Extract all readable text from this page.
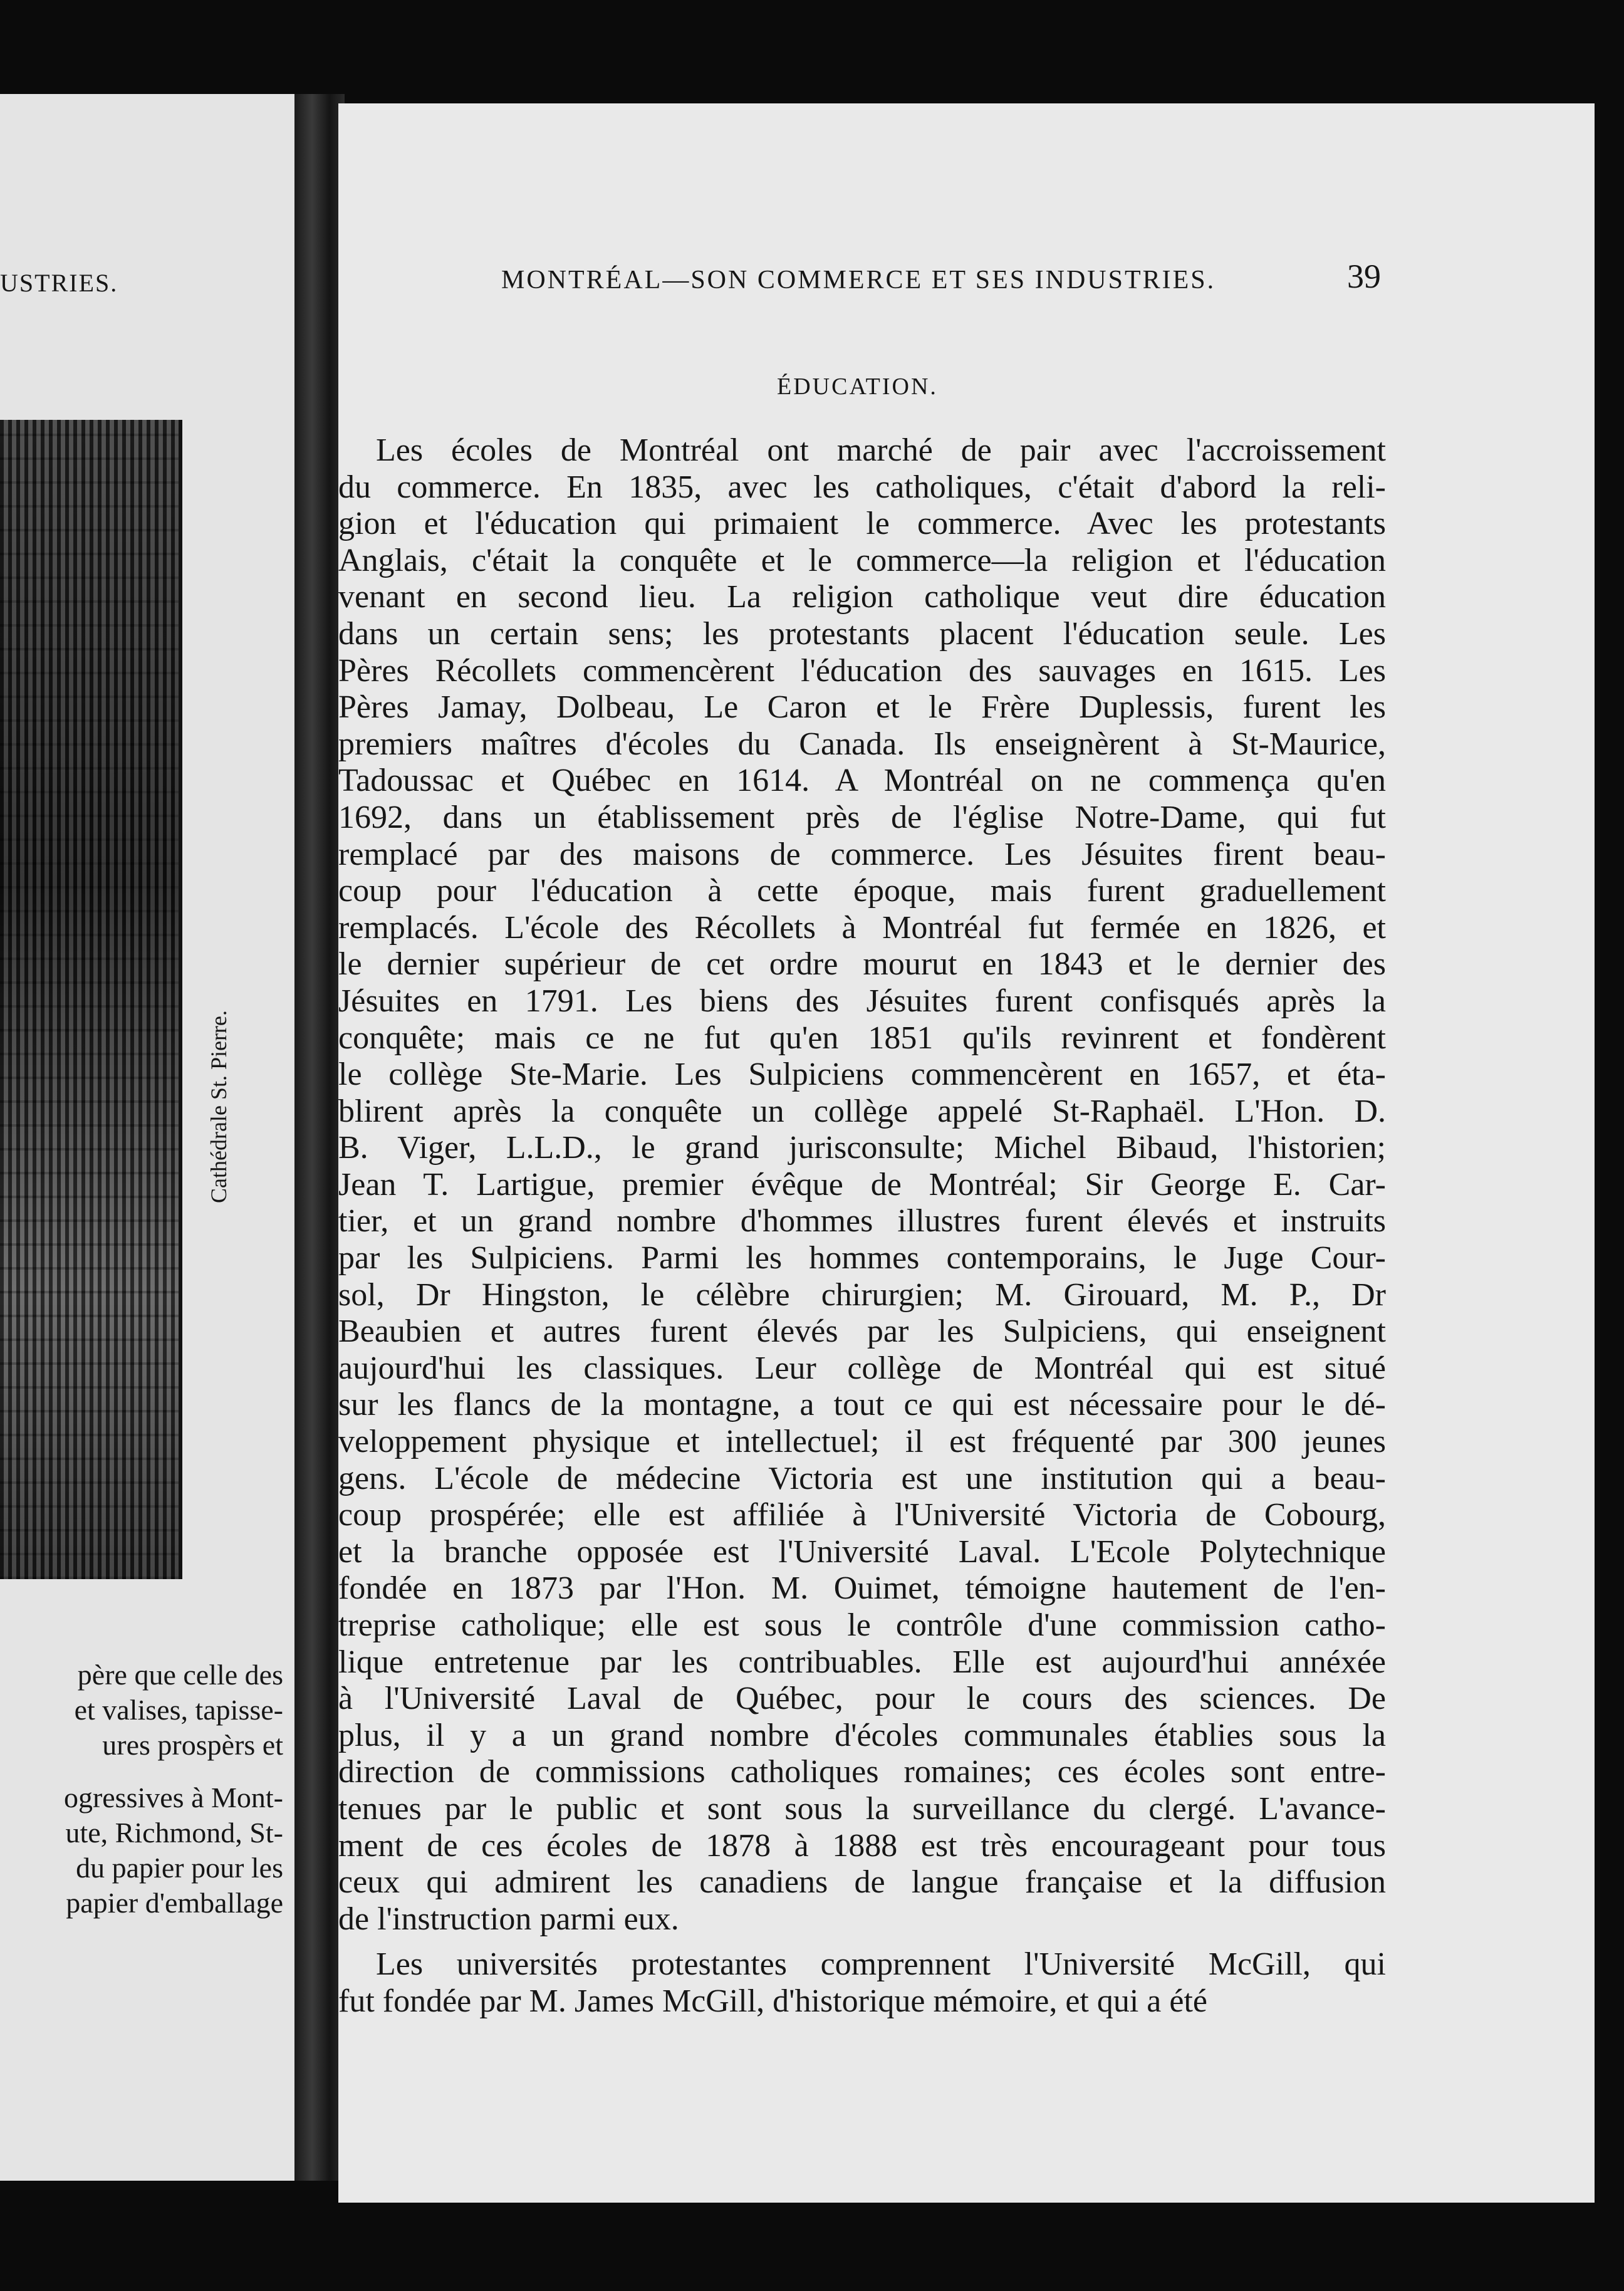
USTRIES.
Cathédrale St. Pierre.
père que celle des
et valises, tapisse-
ures prospèrs et
ogressives à Mont-
ute, Richmond, St-
du papier pour les
papier d'emballage
MONTRÉAL—SON COMMERCE ET SES INDUSTRIES.	39
ÉDUCATION.
Les écoles de Montréal ont marché de pair avec l'accroissement
du commerce. En 1835, avec les catholiques, c'était d'abord la reli-
gion et l'éducation qui primaient le commerce. Avec les protestants
Anglais, c'était la conquête et le commerce—la religion et l'éducation
venant en second lieu. La religion catholique veut dire éducation
dans un certain sens; les protestants placent l'éducation seule. Les
Pères Récollets commencèrent l'éducation des sauvages en 1615. Les
Pères Jamay, Dolbeau, Le Caron et le Frère Duplessis, furent les
premiers maîtres d'écoles du Canada. Ils enseignèrent à St-Maurice,
Tadoussac et Québec en 1614. A Montréal on ne commença qu'en
1692, dans un établissement près de l'église Notre-Dame, qui fut
remplacé par des maisons de commerce. Les Jésuites firent beau-
coup pour l'éducation à cette époque, mais furent graduellement
remplacés. L'école des Récollets à Montréal fut fermée en 1826, et
le dernier supérieur de cet ordre mourut en 1843 et le dernier des
Jésuites en 1791. Les biens des Jésuites furent confisqués après la
conquête; mais ce ne fut qu'en 1851 qu'ils revinrent et fondèrent
le collège Ste-Marie. Les Sulpiciens commencèrent en 1657, et éta-
blirent après la conquête un collège appelé St-Raphaël. L'Hon. D.
B. Viger, L.L.D., le grand jurisconsulte; Michel Bibaud, l'historien;
Jean T. Lartigue, premier évêque de Montréal; Sir George E. Car-
tier, et un grand nombre d'hommes illustres furent élevés et instruits
par les Sulpiciens. Parmi les hommes contemporains, le Juge Cour-
sol, Dr Hingston, le célèbre chirurgien; M. Girouard, M. P., Dr
Beaubien et autres furent élevés par les Sulpiciens, qui enseignent
aujourd'hui les classiques. Leur collège de Montréal qui est situé
sur les flancs de la montagne, a tout ce qui est nécessaire pour le dé-
veloppement physique et intellectuel; il est fréquenté par 300 jeunes
gens. L'école de médecine Victoria est une institution qui a beau-
coup prospérée; elle est affiliée à l'Université Victoria de Cobourg,
et la branche opposée est l'Université Laval. L'Ecole Polytechnique
fondée en 1873 par l'Hon. M. Ouimet, témoigne hautement de l'en-
treprise catholique; elle est sous le contrôle d'une commission catho-
lique entretenue par les contribuables. Elle est aujourd'hui annéxée
à l'Université Laval de Québec, pour le cours des sciences. De
plus, il y a un grand nombre d'écoles communales établies sous la
direction de commissions catholiques romaines; ces écoles sont entre-
tenues par le public et sont sous la surveillance du clergé. L'avance-
ment de ces écoles de 1878 à 1888 est très encourageant pour tous
ceux qui admirent les canadiens de langue française et la diffusion
de l'instruction parmi eux.
Les universités protestantes comprennent l'Université McGill, qui
fut fondée par M. James McGill, d'historique mémoire, et qui a été
